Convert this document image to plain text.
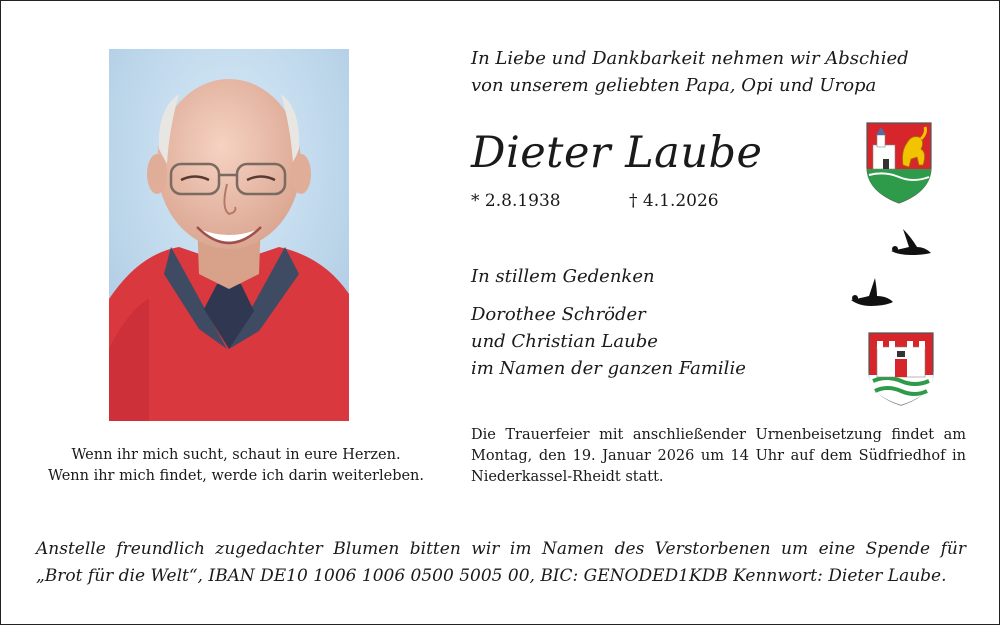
In Liebe und Dankbarkeit nehmen wir Abschied
von unserem geliebten Papa, Opi und Uropa
Dieter Laube
* 2.8.1938	† 4.1.2026
In stillem Gedenken
Dorothee Schröder
und Christian Laube
im Namen der ganzen Familie
Die Trauerfeier mit anschließender Urnenbeisetzung findet am
Montag, den 19. Januar 2026 um 14 Uhr auf dem Südfriedhof in
Niederkassel-Rheidt statt.
Wenn ihr mich sucht, schaut in eure Herzen.
Wenn ihr mich findet, werde ich darin weiterleben.
Anstelle freundlich zugedachter Blumen bitten wir im Namen des Verstorbenen um eine Spende für
„Brot für die Welt“, IBAN DE10 1006 1006 0500 5005 00, BIC: GENODED1KDB Kennwort: Dieter Laube.
